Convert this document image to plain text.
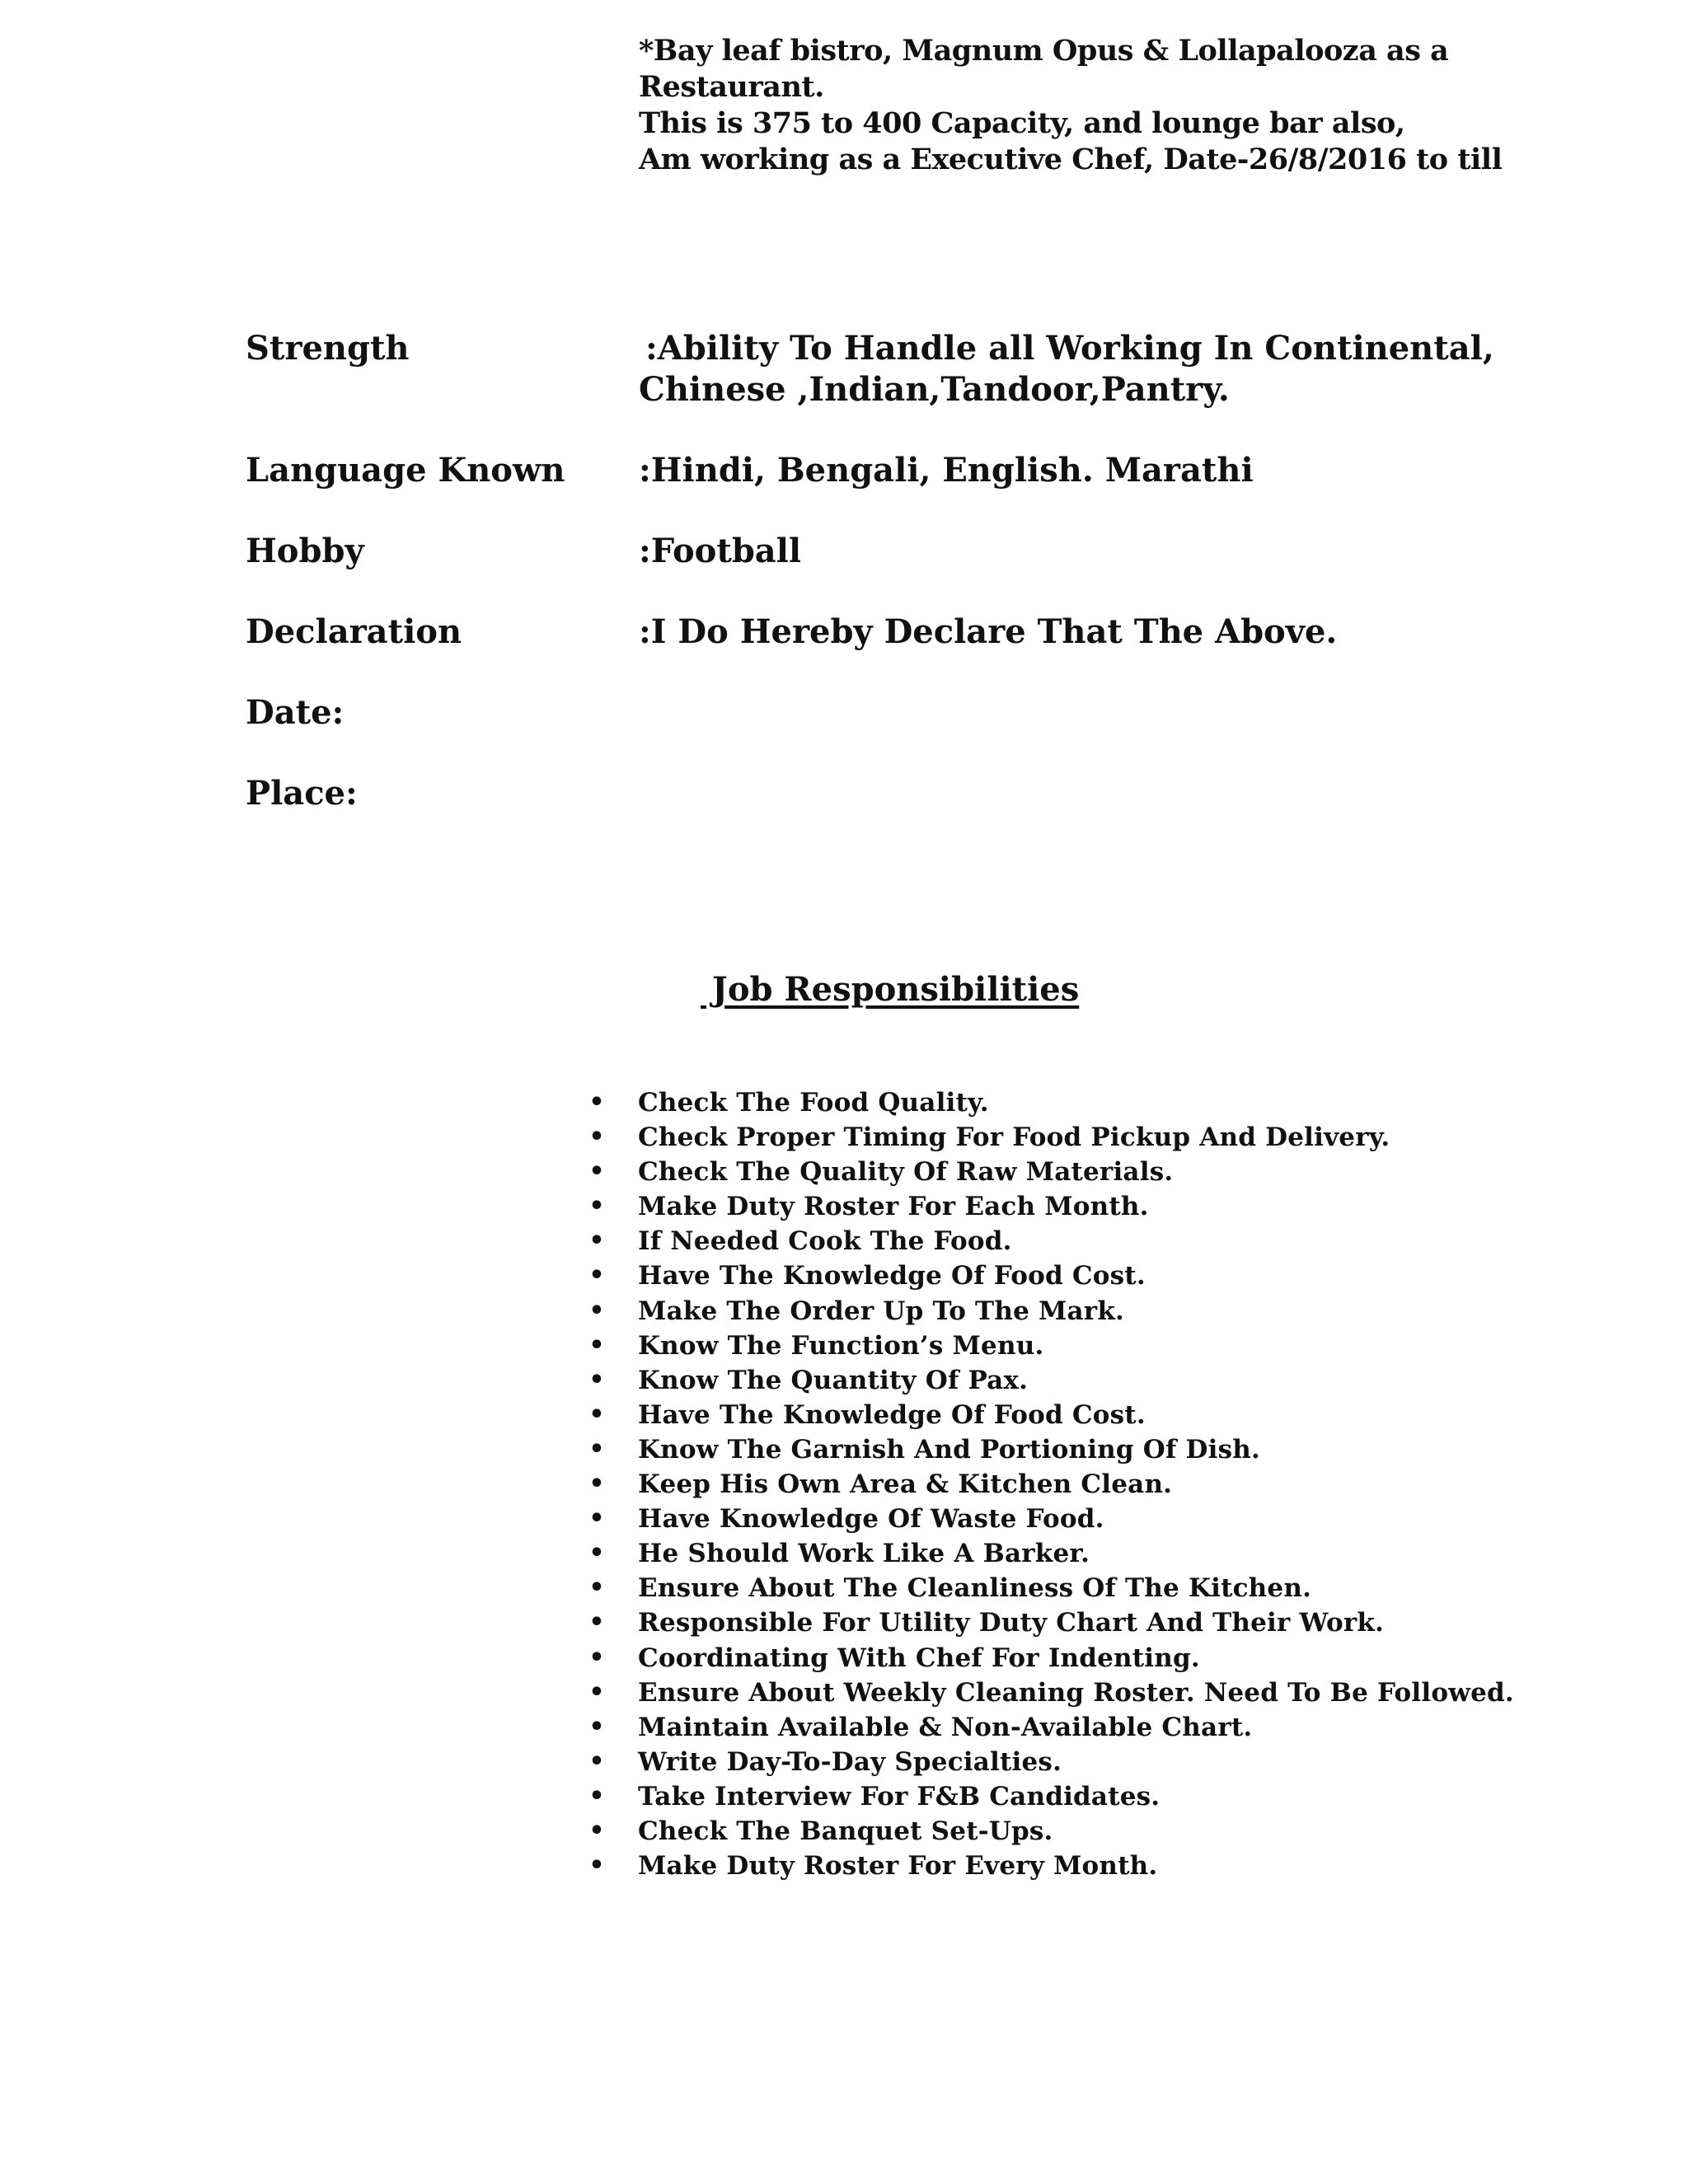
*Bay leaf bistro, Magnum Opus & Lollapalooza as a
Restaurant.
This is 375 to 400 Capacity, and lounge bar also,
Am working as a Executive Chef, Date-26/8/2016 to till
Strength	:Ability To Handle all Working In Continental,
Chinese ,Indian,Tandoor,Pantry.
Language Known :Hindi, Bengali, English. Marathi
Hobby	:Football
Declaration	:I Do Hereby Declare That The Above.
Date:
Place:
Job Responsibilities
• Check The Food Quality.
• Check Proper Timing For Food Pickup And Delivery.
• Check The Quality Of Raw Materials.
• Make Duty Roster For Each Month.
• If Needed Cook The Food.
• Have The Knowledge Of Food Cost.
• Make The Order Up To The Mark.
• Know The Function’s Menu.
• Know The Quantity Of Pax.
• Have The Knowledge Of Food Cost.
• Know The Garnish And Portioning Of Dish.
• Keep His Own Area & Kitchen Clean.
• Have Knowledge Of Waste Food.
• He Should Work Like A Barker.
• Ensure About The Cleanliness Of The Kitchen.
• Responsible For Utility Duty Chart And Their Work.
• Coordinating With Chef For Indenting.
• Ensure About Weekly Cleaning Roster. Need To Be Followed.
• Maintain Available & Non-Available Chart.
• Write Day-To-Day Specialties.
• Take Interview For F&B Candidates.
• Check The Banquet Set-Ups.
• Make Duty Roster For Every Month.
